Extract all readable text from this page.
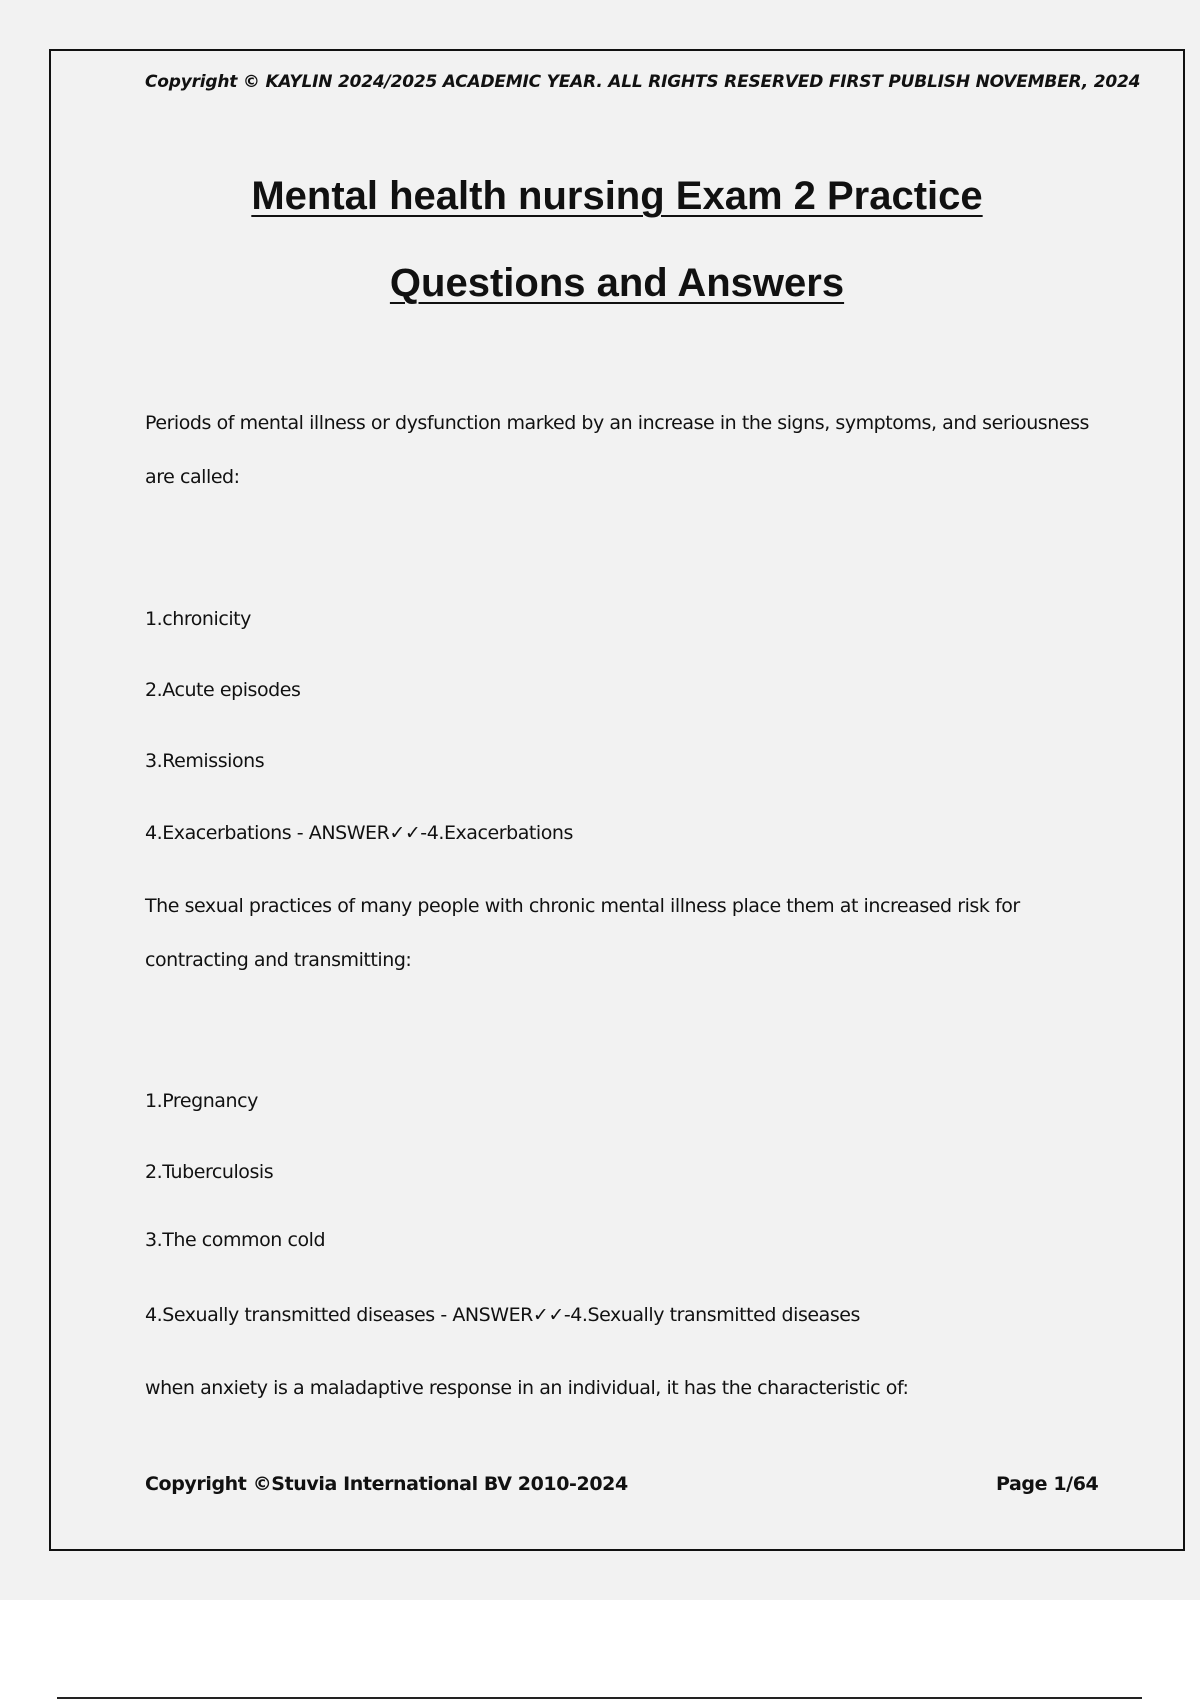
Copyright © KAYLIN 2024/2025 ACADEMIC YEAR. ALL RIGHTS RESERVED FIRST PUBLISH NOVEMBER, 2024
Mental health nursing Exam 2 Practice
Questions and Answers
Periods of mental illness or dysfunction marked by an increase in the signs, symptoms, and seriousness
are called:
1.chronicity
2.Acute episodes
3.Remissions
4.Exacerbations - ANSWER✓✓-4.Exacerbations
The sexual practices of many people with chronic mental illness place them at increased risk for
contracting and transmitting:
1.Pregnancy
2.Tuberculosis
3.The common cold
4.Sexually transmitted diseases - ANSWER✓✓-4.Sexually transmitted diseases
when anxiety is a maladaptive response in an individual, it has the characteristic of:
Copyright ©Stuvia International BV 2010-2024	Page 1/64
